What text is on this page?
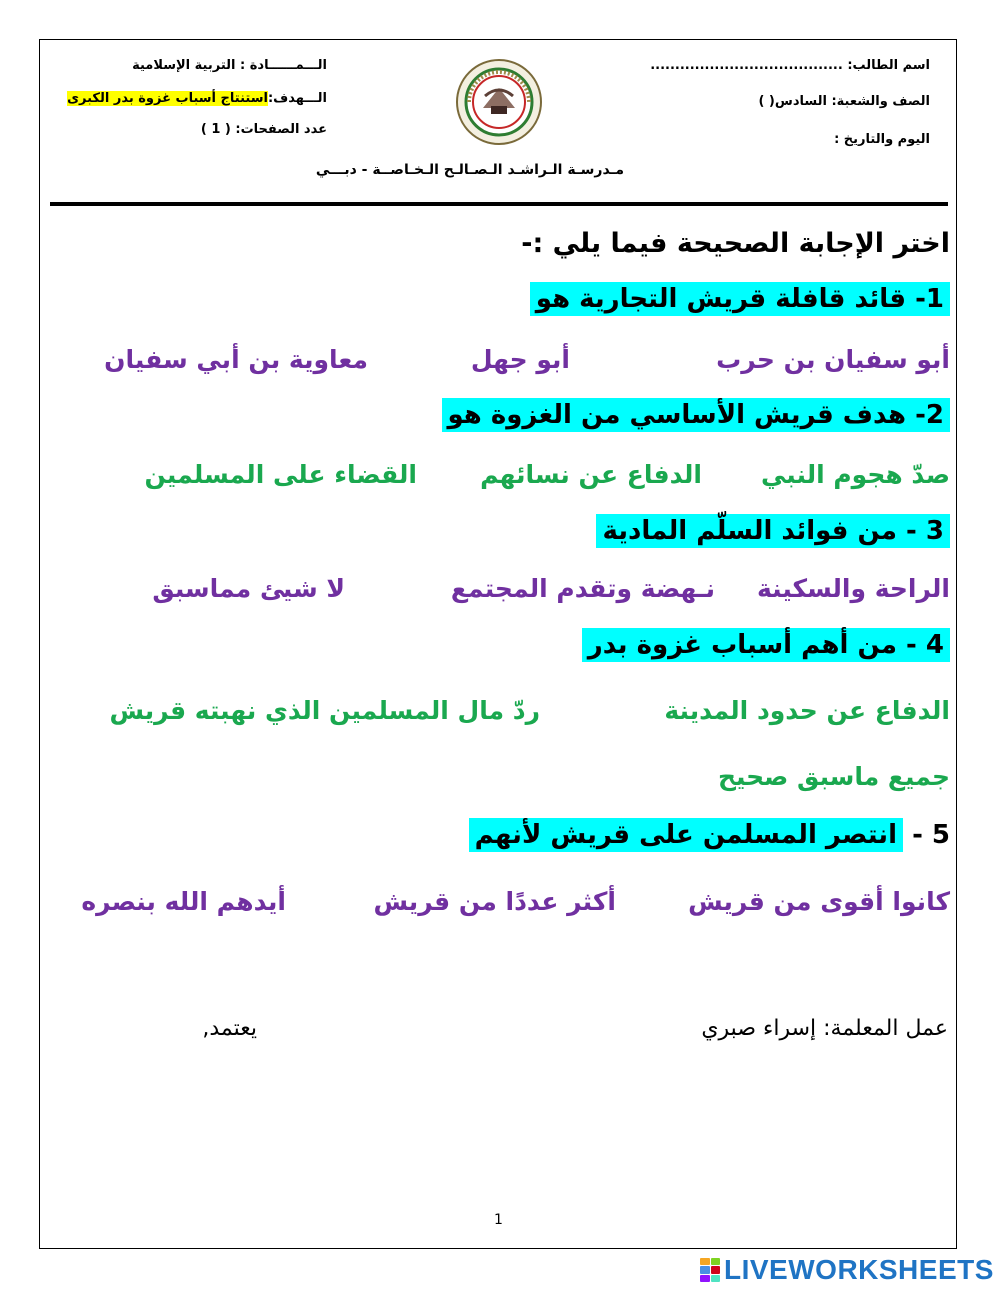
اسم الطالب: .......................................
الصف والشعبة: السادس( )
اليوم والتاريخ :
الـــمــــــادة : التربية الإسلامية
الـــهدف:استنتاج أسباب غزوة بدر الكبرى
عدد الصفحات: ( 1 )
مـدرسـة الـراشـد الـصـالـح الـخـاصــة - دبـــي
اختر الإجابة الصحيحة فيما يلي :-
1- قائد قافلة قريش التجارية هو
أبو سفيان بن حرب
أبو جهل
معاوية بن أبي سفيان
2- هدف قريش الأساسي من الغزوة هو
صدّ هجوم النبي
الدفاع عن نسائهم
القضاء على المسلمين
3 - من فوائد السلّم المادية
الراحة والسكينة
نـهضة وتقدم المجتمع
لا شيئ مماسبق
4 - من أهم أسباب غزوة بدر
الدفاع عن حدود المدينة
ردّ مال المسلمين الذي نهبته قريش
جميع ماسبق صحيح
5 - انتصر المسلمن على قريش لأنهم
كانوا أقوى من قريش
أكثر عددًا من قريش
أيدهم الله بنصره
عمل المعلمة: إسراء صبري
يعتمد,
1
LIVEWORKSHEETS
